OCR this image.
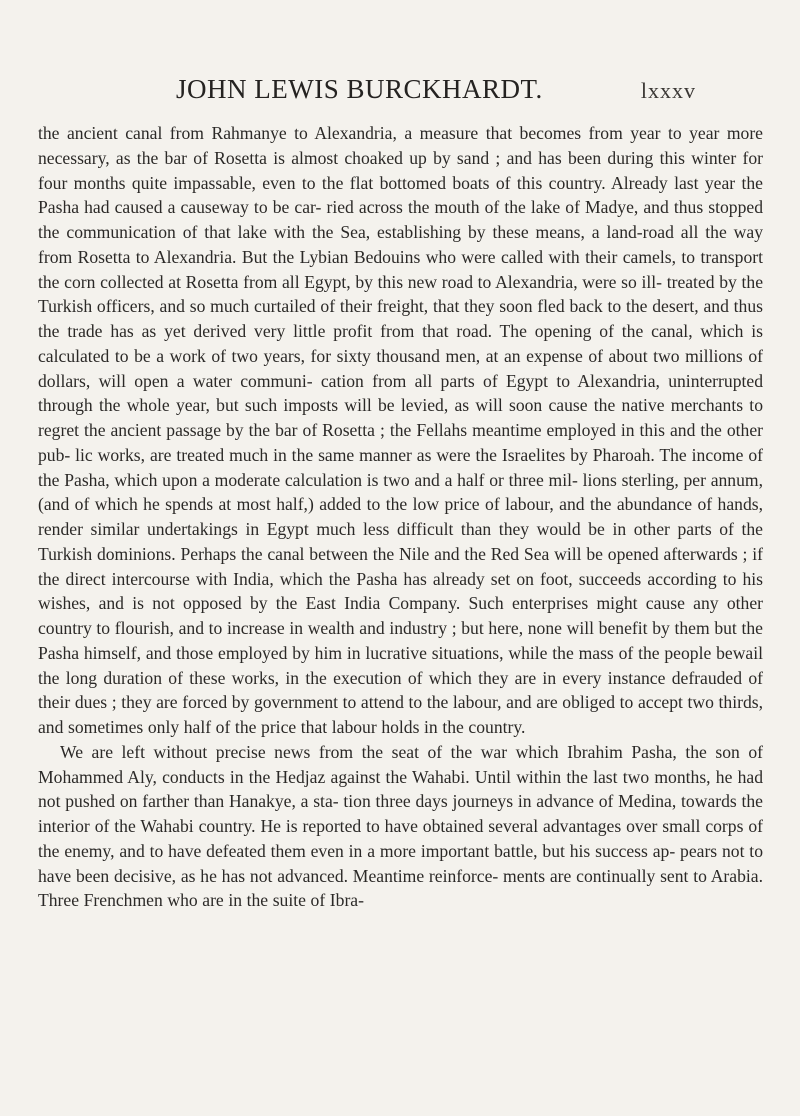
JOHN LEWIS BURCKHARDT.	lxxxv

the ancient canal from Rahmanye to Alexandria, a measure that becomes from year to year more necessary, as the bar of Rosetta is almost choaked up by sand ; and has been during this winter for four months quite impassable, even to the flat bottomed boats of this country. Already last year the Pasha had caused a causeway to be car- ried across the mouth of the lake of Madye, and thus stopped the communication of that lake with the Sea, establishing by these means, a land-road all the way from Rosetta to Alexandria. But the Lybian Bedouins who were called with their camels, to transport the corn collected at Rosetta from all Egypt, by this new road to Alexandria, were so ill- treated by the Turkish officers, and so much curtailed of their freight, that they soon fled back to the desert, and thus the trade has as yet derived very little profit from that road. The opening of the canal, which is calculated to be a work of two years, for sixty thousand men, at an expense of about two millions of dollars, will open a water communi- cation from all parts of Egypt to Alexandria, uninterrupted through the whole year, but such imposts will be levied, as will soon cause the native merchants to regret the ancient passage by the bar of Rosetta ; the Fellahs meantime employed in this and the other pub- lic works, are treated much in the same manner as were the Israelites by Pharoah. The income of the Pasha, which upon a moderate calculation is two and a half or three mil- lions sterling, per annum, (and of which he spends at most half,) added to the low price of labour, and the abundance of hands, render similar undertakings in Egypt much less difficult than they would be in other parts of the Turkish dominions. Perhaps the canal between the Nile and the Red Sea will be opened afterwards ; if the direct intercourse with India, which the Pasha has already set on foot, succeeds according to his wishes, and is not opposed by the East India Company. Such enterprises might cause any other country to flourish, and to increase in wealth and industry ; but here, none will benefit by them but the Pasha himself, and those employed by him in lucrative situations, while the mass of the people bewail the long duration of these works, in the execution of which they are in every instance defrauded of their dues ; they are forced by government to attend to the labour, and are obliged to accept two thirds, and sometimes only half of the price that labour holds in the country.

We are left without precise news from the seat of the war which Ibrahim Pasha, the son of Mohammed Aly, conducts in the Hedjaz against the Wahabi. Until within the last two months, he had not pushed on farther than Hanakye, a sta- tion three days journeys in advance of Medina, towards the interior of the Wahabi country. He is reported to have obtained several advantages over small corps of the enemy, and to have defeated them even in a more important battle, but his success ap- pears not to have been decisive, as he has not advanced. Meantime reinforce- ments are continually sent to Arabia. Three Frenchmen who are in the suite of Ibra-
